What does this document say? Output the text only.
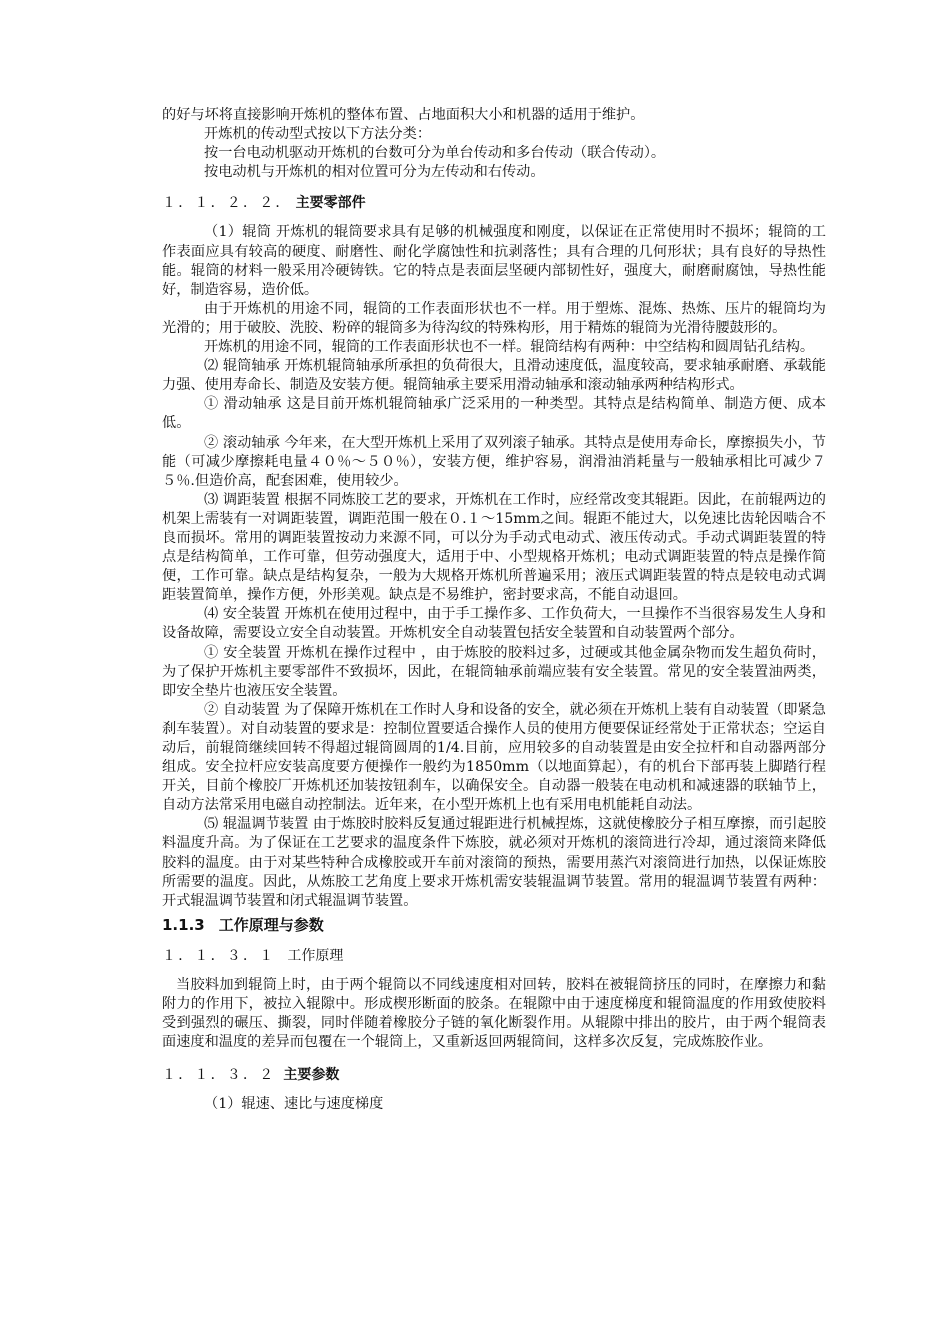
的好与坏将直接影响开炼机的整体布置、占地面积大小和机器的适用于维护。

开炼机的传动型式按以下方法分类：

按一台电动机驱动开炼机的台数可分为单台传动和多台传动（联合传动）。

按电动机与开炼机的相对位置可分为左传动和右传动。

１．１．２．２． 主要零部件

（1）辊筒 开炼机的辊筒要求具有足够的机械强度和刚度，以保证在正常使用时不损坏；辊筒的工作表面应具有较高的硬度、耐磨性、耐化学腐蚀性和抗剥落性；具有合理的几何形状；具有良好的导热性能。辊筒的材料一般采用冷硬铸铁。它的特点是表面层坚硬内部韧性好，强度大，耐磨耐腐蚀，导热性能好，制造容易，造价低。

由于开炼机的用途不同，辊筒的工作表面形状也不一样。用于塑炼、混炼、热炼、压片的辊筒均为光滑的；用于破胶、洗胶、粉碎的辊筒多为待沟纹的特殊构形，用于精炼的辊筒为光滑待腰鼓形的。

开炼机的用途不同，辊筒的工作表面形状也不一样。辊筒结构有两种：中空结构和圆周钻孔结构。

⑵ 辊筒轴承 开炼机辊筒轴承所承担的负荷很大，且滑动速度低，温度较高，要求轴承耐磨、承载能力强、使用寿命长、制造及安装方便。辊筒轴承主要采用滑动轴承和滚动轴承两种结构形式。

① 滑动轴承 这是目前开炼机辊筒轴承广泛采用的一种类型。其特点是结构简单、制造方便、成本低。

② 滚动轴承 今年来，在大型开炼机上采用了双列滚子轴承。其特点是使用寿命长，摩擦损失小，节能（可减少摩擦耗电量４０％～５０％），安装方便，维护容易，润滑油消耗量与一般轴承相比可减少７５％.但造价高，配套困难，使用较少。

⑶ 调距装置 根据不同炼胶工艺的要求，开炼机在工作时，应经常改变其辊距。因此，在前辊两边的机架上需装有一对调距装置，调距范围一般在０.１～15mm之间。辊距不能过大，以免速比齿轮因啮合不良而损坏。常用的调距装置按动力来源不同，可以分为手动式电动式、液压传动式。手动式调距装置的特点是结构简单，工作可靠，但劳动强度大，适用于中、小型规格开炼机；电动式调距装置的特点是操作简便，工作可靠。缺点是结构复杂，一般为大规格开炼机所普遍采用；液压式调距装置的特点是较电动式调距装置简单，操作方便，外形美观。缺点是不易维护，密封要求高，不能自动退回。

⑷ 安全装置 开炼机在使用过程中，由于手工操作多、工作负荷大，一旦操作不当很容易发生人身和设备故障，需要设立安全自动装置。开炼机安全自动装置包括安全装置和自动装置两个部分。

① 安全装置 开炼机在操作过程中 ，由于炼胶的胶料过多，过硬或其他金属杂物而发生超负荷时，为了保护开炼机主要零部件不致损坏，因此，在辊筒轴承前端应装有安全装置。常见的安全装置油两类，即安全垫片也液压安全装置。

② 自动装置 为了保障开炼机在工作时人身和设备的安全，就必须在开炼机上装有自动装置（即紧急刹车装置）。对自动装置的要求是：控制位置要适合操作人员的使用方便要保证经常处于正常状态；空运自动后，前辊筒继续回转不得超过辊筒圆周的1/4.目前，应用较多的自动装置是由安全拉杆和自动器两部分组成。安全拉杆应安装高度要方便操作一般约为1850mm（以地面算起），有的机台下部再装上脚踏行程开关，目前个橡胶厂开炼机还加装按钮刹车，以确保安全。自动器一般装在电动机和减速器的联轴节上，自动方法常采用电磁自动控制法。近年来，在小型开炼机上也有采用电机能耗自动法。

⑸ 辊温调节装置 由于炼胶时胶料反复通过辊距进行机械捏炼，这就使橡胶分子相互摩擦，而引起胶料温度升高。为了保证在工艺要求的温度条件下炼胶，就必须对开炼机的滚筒进行冷却，通过滚筒来降低胶料的温度。由于对某些特种合成橡胶或开车前对滚筒的预热，需要用蒸汽对滚筒进行加热，以保证炼胶所需要的温度。因此，从炼胶工艺角度上要求开炼机需安装辊温调节装置。常用的辊温调节装置有两种：开式辊温调节装置和闭式辊温调节装置。

1.1.3 工作原理与参数
１．１．３．１ 工作原理

当胶料加到辊筒上时，由于两个辊筒以不同线速度相对回转，胶料在被辊筒挤压的同时，在摩擦力和黏附力的作用下，被拉入辊隙中。形成楔形断面的胶条。在辊隙中由于速度梯度和辊筒温度的作用致使胶料受到强烈的碾压、撕裂，同时伴随着橡胶分子链的氧化断裂作用。从辊隙中排出的胶片，由于两个辊筒表面速度和温度的差异而包覆在一个辊筒上，又重新返回两辊筒间，这样多次反复，完成炼胶作业。

１．１．３．２ 主要参数

（1）辊速、速比与速度梯度
